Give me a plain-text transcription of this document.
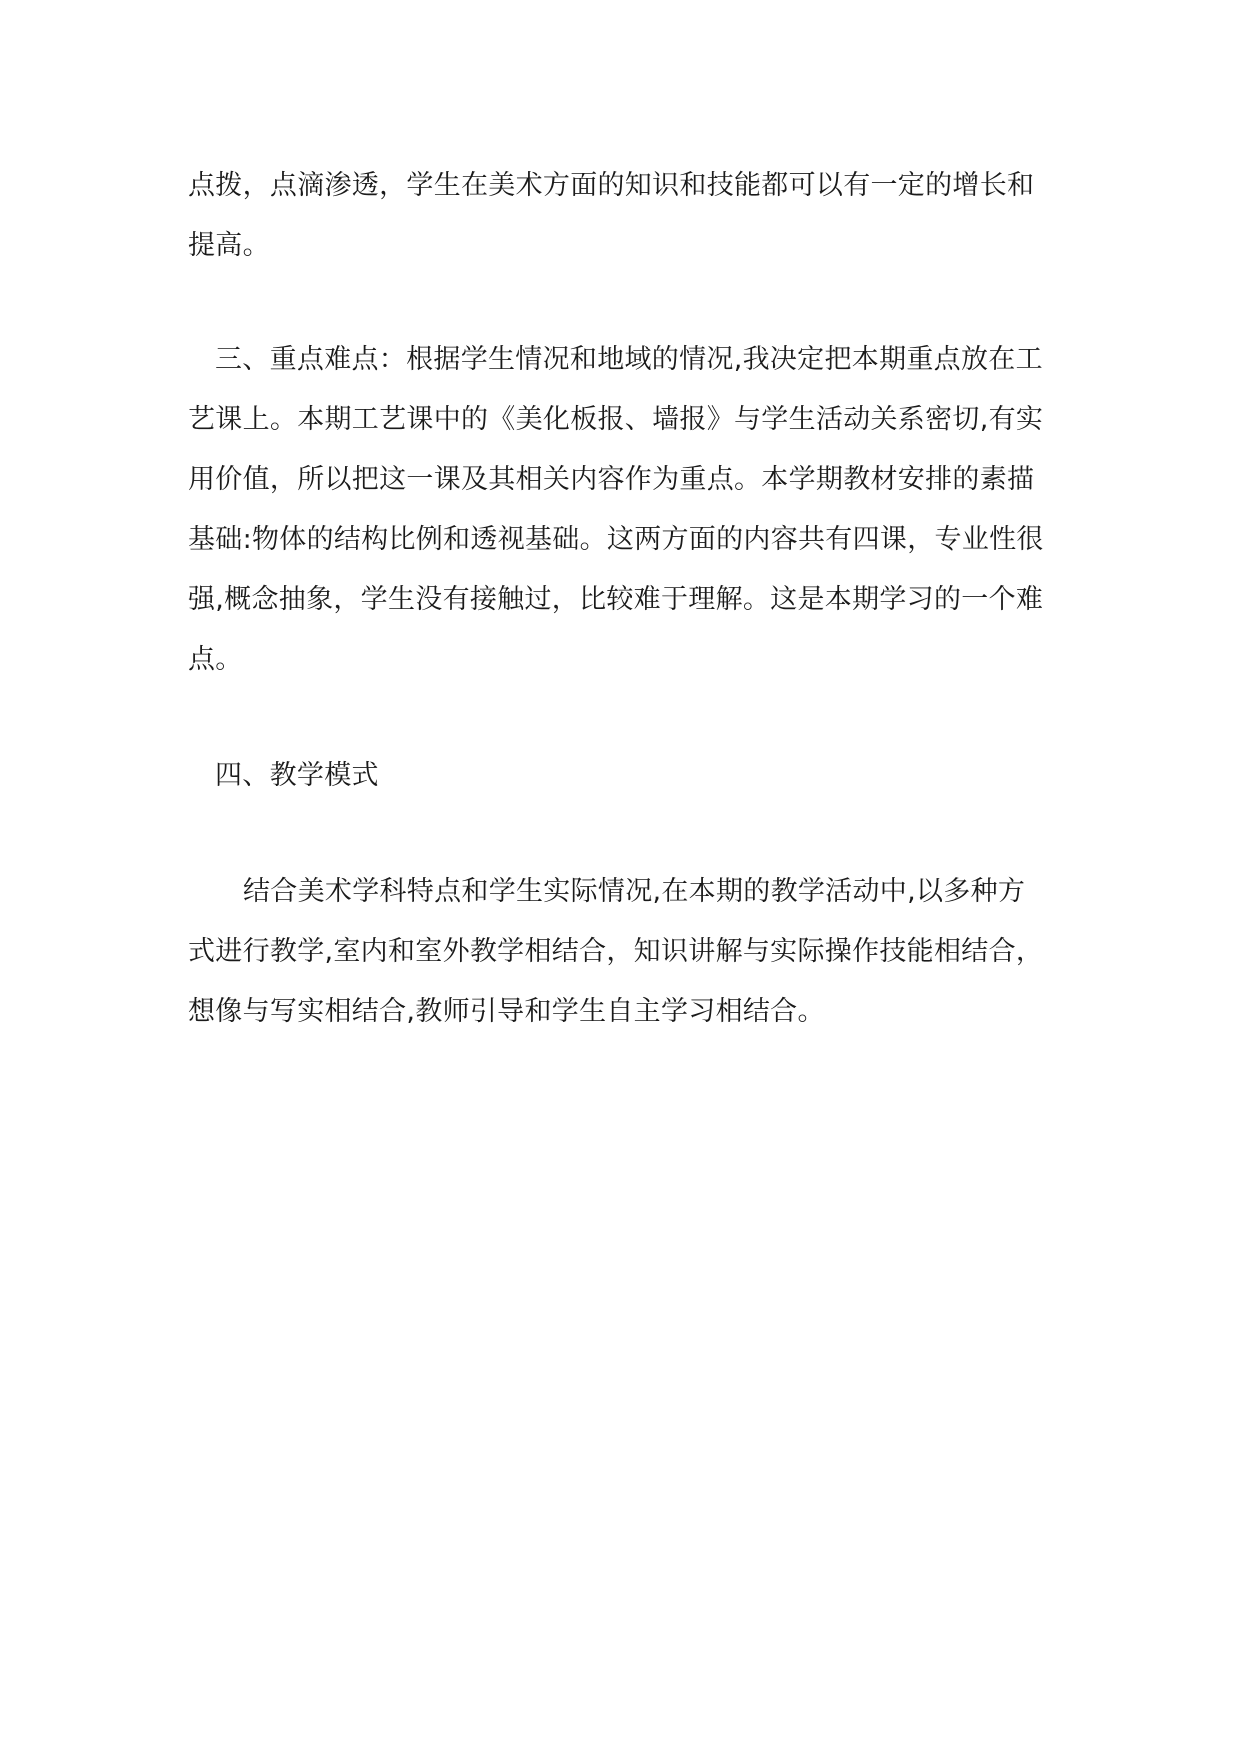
点拨，点滴渗透，学生在美术方面的知识和技能都可以有一定的增长和
提高。
三、重点难点：根据学生情况和地域的情况,我决定把本期重点放在工
艺课上。本期工艺课中的《美化板报、墙报》与学生活动关系密切,有实
用价值，所以把这一课及其相关内容作为重点。本学期教材安排的素描
基础:物体的结构比例和透视基础。这两方面的内容共有四课，专业性很
强,概念抽象，学生没有接触过，比较难于理解。这是本期学习的一个难
点。
四、教学模式
结合美术学科特点和学生实际情况,在本期的教学活动中,以多种方
式进行教学,室内和室外教学相结合，知识讲解与实际操作技能相结合，
想像与写实相结合,教师引导和学生自主学习相结合。
